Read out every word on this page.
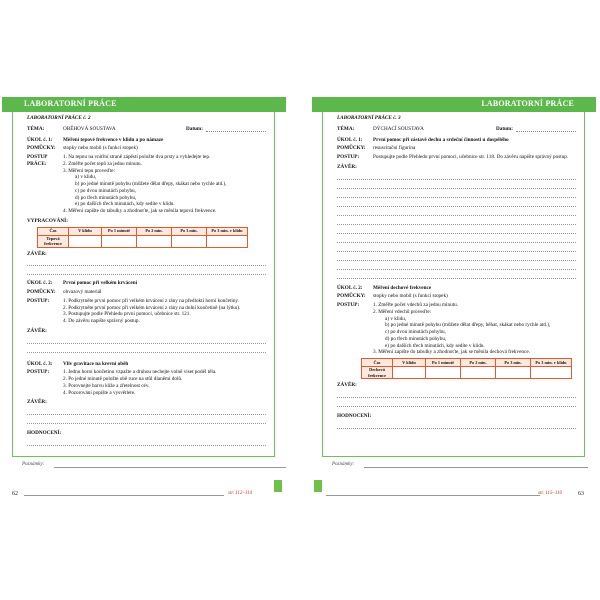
LABORATORNÍ PRÁCE
LABORATORNÍ PRÁCE č. 2
TÉMA:	OBĚHOVÁ SOUSTAVA	Datum:
ÚKOL č. 1:	Měření tepové frekvence v klidu a po námaze
POMŮCKY:	stopky nebo mobil (s funkcí stopek)
POSTUP PRÁCE:
1. Na tepnu na vnitřní straně zápěstí položte dva prsty a vyhledejte tep.
2. Změřte počet tepů za jednu minutu.
3. Měření tepu proveďte:
a) v klidu,
b) po jedné minutě pohybu (můžete dělat dřepy, skákat nebo rychle atd.),
c) po dvou minutách pohybu,
d) po třech minutách pohybu,
e) po dalších třech minutách, kdy sedíte v klidu.
4. Měření zapište do tabulky a zhodnoťte, jak se měnila tepová frekvence.
VYPRACOVÁNÍ:
Čas	V klidu	Po 1 minutě	Po 2 min.	Po 3 min.	Po 3 min. v klidu
Tepová frekvence					
ZÁVĚR:
ÚKOL č. 2:	První pomoc při velkém krvácení
POMŮCKY:	obvazový materiál
POSTUP:	1. Podkrytněte první pomoc při velkém krvácení z rány na předloktí horní končetiny.
2. Podkrytněte první pomoc při velkém krvácení z rány na dolní končetině (na lýtku).
3. Postupujte podle Přehledu první pomoci, učebnice str. 121.
4. Do závěru napište správný postup.
ZÁVĚR:
ÚKOL č. 3:	Vliv gravitace na krevní oběh
POSTUP:	1. Jednu horní končetinu vzpažte a druhou nechejte volně viset podél těla.
2. Po jedné minutě položte obě ruce na stůl dlaněmi dolů.
3. Porovnejte barvu kůže a zřetelnost cév.
4. Pozorování popište a vysvětlete.
ZÁVĚR:
HODNOCENÍ:
Poznámky:
62	str. 112–114
LABORATORNÍ PRÁCE
LABORATORNÍ PRÁCE č. 3
TÉMA:	DÝCHACÍ SOUSTAVA	Datum:
ÚKOL č. 1:	První pomoc při zástavě dechu a srdeční činnosti u dospělého
POMŮCKY:	resuscitační figurína
POSTUP:	Postupujte podle Přehledu první pomoci, učebnice str. 118. Do závěru napište správný postup.
ZÁVĚR:
ÚKOL č. 2:	Měření dechové frekvence
POMŮCKY:	stopky nebo mobil (s funkcí stopek)
POSTUP:	1. Změřte počet vdechů za jednu minutu.
2. Měření vdechů proveďte:
a) v klidu,
b) po jedné minutě pohybu (můžete dělat dřepy, běhat, skákat nebo rychle atd.),
c) po dvou minutách pohybu,
d) po třech minutách pohybu,
e) po dalších třech minutách, kdy sedíte v klidu.
3. Měření zapište do tabulky a zhodnoťte, jak se měnila dechová frekvence.
Čas	V klidu	Po 1 minutě	Po 2 min.	Po 3 min.	Po 3 min. v klidu
Dechová frekvence					
ZÁVĚR:
HODNOCENÍ:
Poznámky:
str. 115–116	63
